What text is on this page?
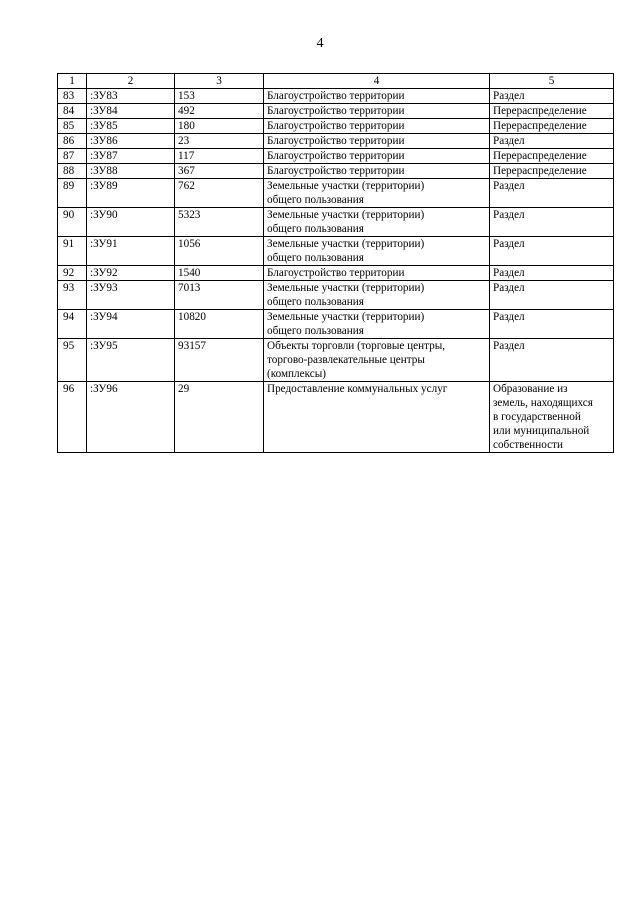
4
1	2	3	4	5
83	:ЗУ83	153	Благоустройство территории	Раздел
84	:ЗУ84	492	Благоустройство территории	Перераспределение
85	:ЗУ85	180	Благоустройство территории	Перераспределение
86	:ЗУ86	23	Благоустройство территории	Раздел
87	:ЗУ87	117	Благоустройство территории	Перераспределение
88	:ЗУ88	367	Благоустройство территории	Перераспределение
89	:ЗУ89	762	Земельные участки (территории)
общего пользования	Раздел
90	:ЗУ90	5323	Земельные участки (территории)
общего пользования	Раздел
91	:ЗУ91	1056	Земельные участки (территории)
общего пользования	Раздел
92	:ЗУ92	1540	Благоустройство территории	Раздел
93	:ЗУ93	7013	Земельные участки (территории)
общего пользования	Раздел
94	:ЗУ94	10820	Земельные участки (территории)
общего пользования	Раздел
95	:ЗУ95	93157	Объекты торговли (торговые центры,
торгово-развлекательные центры
(комплексы)	Раздел
96	:ЗУ96	29	Предоставление коммунальных услуг	Образование из
земель, находящихся
в государственной
или муниципальной
собственности
